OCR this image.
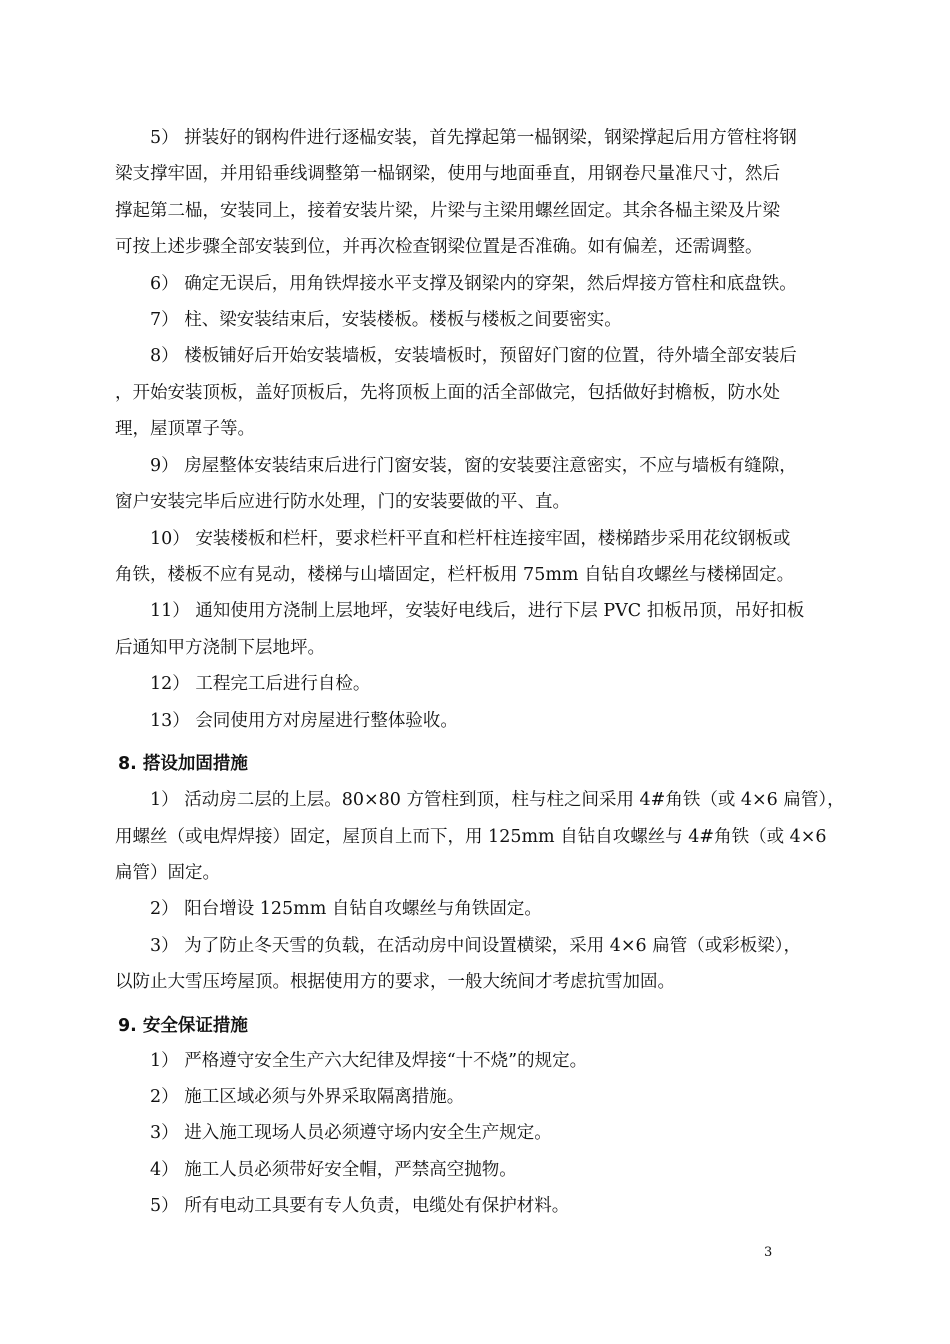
5） 拼装好的钢构件进行逐榀安装，首先撑起第一榀钢梁，钢梁撑起后用方管柱将钢
梁支撑牢固，并用铅垂线调整第一榀钢梁，使用与地面垂直，用钢卷尺量准尺寸，然后
撑起第二榀，安装同上，接着安装片梁，片梁与主梁用螺丝固定。其余各榀主梁及片梁
可按上述步骤全部安装到位，并再次检查钢梁位置是否准确。如有偏差，还需调整。
6） 确定无误后，用角铁焊接水平支撑及钢梁内的穿架，然后焊接方管柱和底盘铁。
7） 柱、梁安装结束后，安装楼板。楼板与楼板之间要密实。
8） 楼板铺好后开始安装墙板，安装墙板时，预留好门窗的位置，待外墙全部安装后
，开始安装顶板，盖好顶板后，先将顶板上面的活全部做完，包括做好封檐板，防水处
理，屋顶罩子等。
9） 房屋整体安装结束后进行门窗安装，窗的安装要注意密实，不应与墙板有缝隙，
窗户安装完毕后应进行防水处理，门的安装要做的平、直。
10） 安装楼板和栏杆，要求栏杆平直和栏杆柱连接牢固，楼梯踏步采用花纹钢板或
角铁，楼板不应有晃动，楼梯与山墙固定，栏杆板用 75mm 自钻自攻螺丝与楼梯固定。
11） 通知使用方浇制上层地坪，安装好电线后，进行下层 PVC 扣板吊顶，吊好扣板
后通知甲方浇制下层地坪。
12） 工程完工后进行自检。
13） 会同使用方对房屋进行整体验收。
8. 搭设加固措施
1） 活动房二层的上层。80×80 方管柱到顶，柱与柱之间采用 4#角铁（或 4×6 扁管），
用螺丝（或电焊焊接）固定，屋顶自上而下，用 125mm 自钻自攻螺丝与 4#角铁（或 4×6
扁管）固定。
2） 阳台增设 125mm 自钻自攻螺丝与角铁固定。
3） 为了防止冬天雪的负载，在活动房中间设置横梁，采用 4×6 扁管（或彩板梁），
以防止大雪压垮屋顶。根据使用方的要求，一般大统间才考虑抗雪加固。
9. 安全保证措施
1） 严格遵守安全生产六大纪律及焊接“十不烧”的规定。
2） 施工区域必须与外界采取隔离措施。
3） 进入施工现场人员必须遵守场内安全生产规定。
4） 施工人员必须带好安全帽，严禁高空抛物。
5） 所有电动工具要有专人负责，电缆处有保护材料。
3
